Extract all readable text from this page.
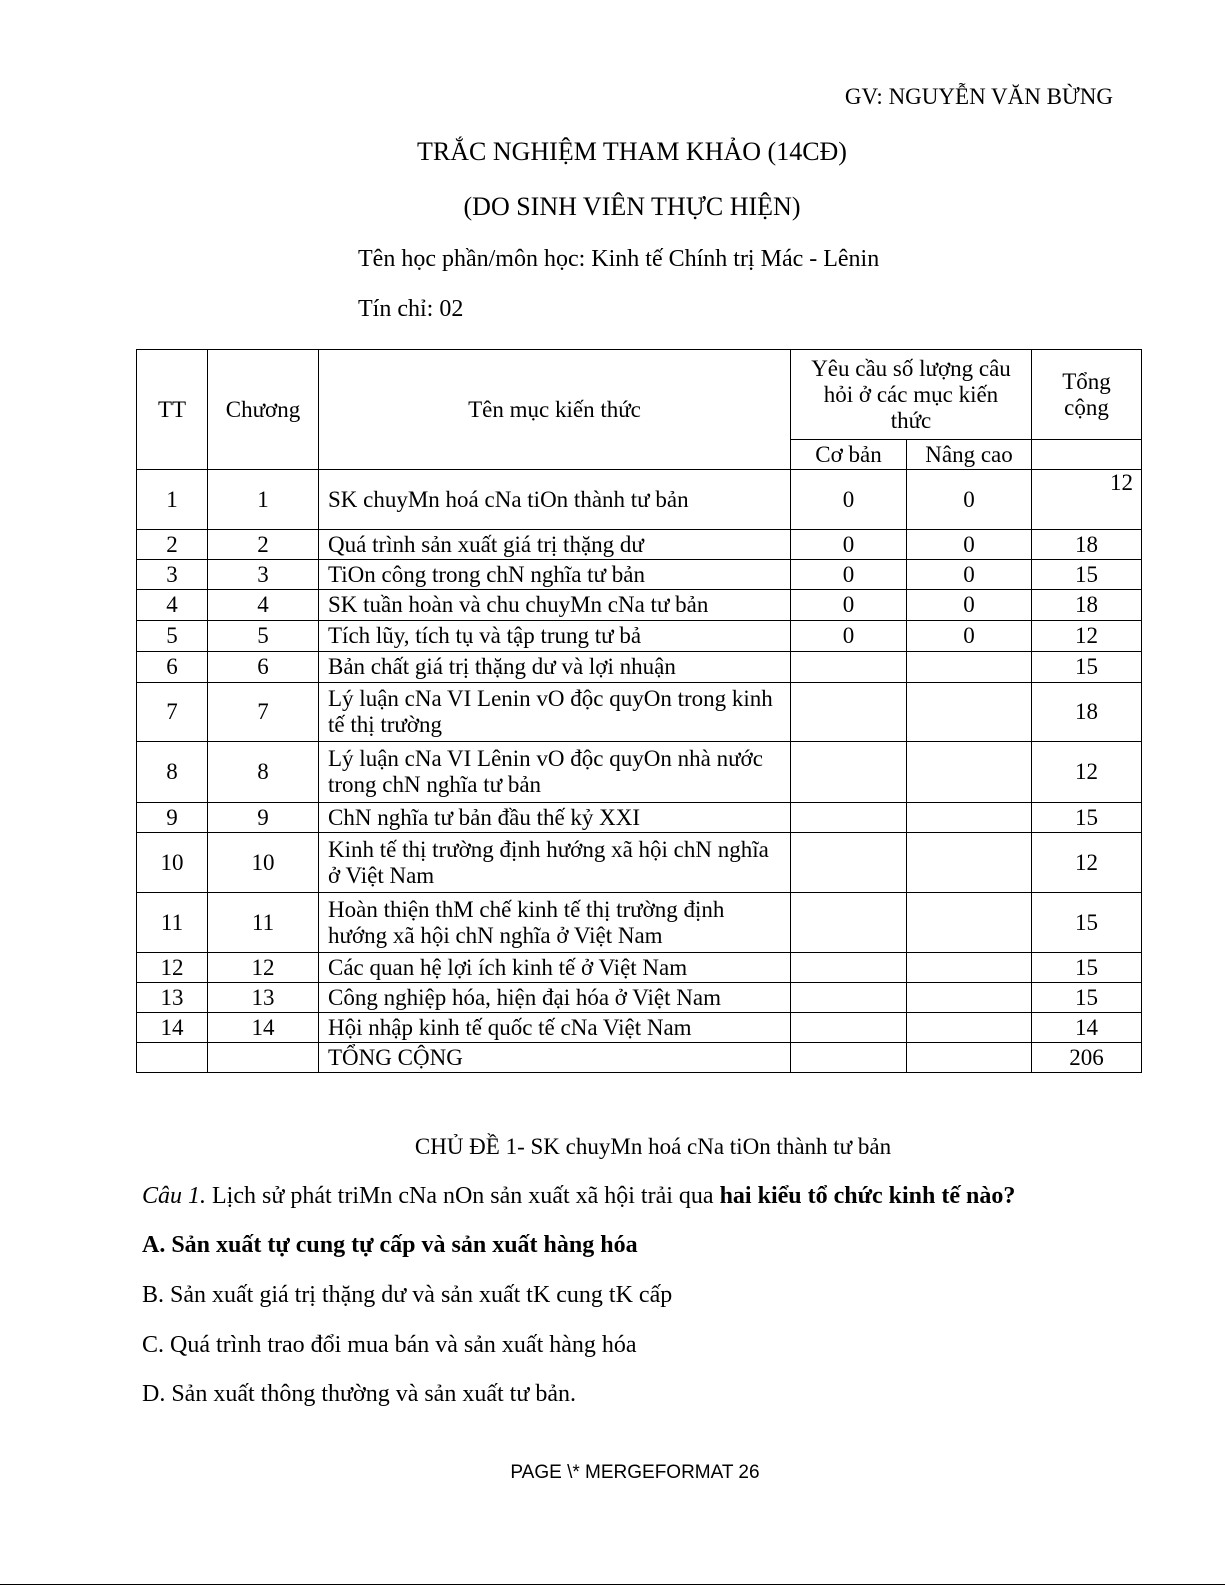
GV: NGUYỄN VĂN BỪNG
TRẮC NGHIỆM THAM KHẢO (14CĐ)
(DO SINH VIÊN THỰC HIỆN)
Tên học phần/môn học: Kinh tế Chính trị Mác - Lênin
Tín chỉ: 02
TT	Chương	Tên mục kiến thức	Yêu cầu số lượng câu hỏi ở các mục kiến thức		Tổng cộng
			Cơ bản	Nâng cao	
1	1	SK chuyMn hoá cNa tiOn thành tư bản	0	0	12
2	2	Quá trình sản xuất giá trị thặng dư	0	0	18
3	3	TiOn công trong chN nghĩa tư bản	0	0	15
4	4	SK tuần hoàn và chu chuyMn cNa tư bản	0	0	18
5	5	Tích lũy, tích tụ và tập trung tư bả	0	0	12
6	6	Bản chất giá trị thặng dư và lợi nhuận			15
7	7	Lý luận cNa VI Lenin vO độc quyOn trong kinh tế thị trường			18
8	8	Lý luận cNa VI Lênin vO độc quyOn nhà nước trong chN nghĩa tư bản			12
9	9	ChN nghĩa tư bản đầu thế kỷ XXI			15
10	10	Kinh tế thị trường định hướng xã hội chN nghĩa ở Việt Nam			12
11	11	Hoàn thiện thM chế kinh tế thị trường định hướng xã hội chN nghĩa ở Việt Nam			15
12	12	Các quan hệ lợi ích kinh tế ở Việt Nam			15
13	13	Công nghiệp hóa, hiện đại hóa ở Việt Nam			15
14	14	Hội nhập kinh tế quốc tế cNa Việt Nam			14
		TỔNG CỘNG			206
CHỦ ĐỀ 1- SK chuyMn hoá cNa tiOn thành tư bản
Câu 1. Lịch sử phát triMn cNa nOn sản xuất xã hội trải qua hai kiểu tổ chức kinh tế nào?
A. Sản xuất tự cung tự cấp và sản xuất hàng hóa
B. Sản xuất giá trị thặng dư và sản xuất tK cung tK cấp
C. Quá trình trao đổi mua bán và sản xuất hàng hóa
D. Sản xuất thông thường và sản xuất tư bản.
PAGE \* MERGEFORMAT 26
